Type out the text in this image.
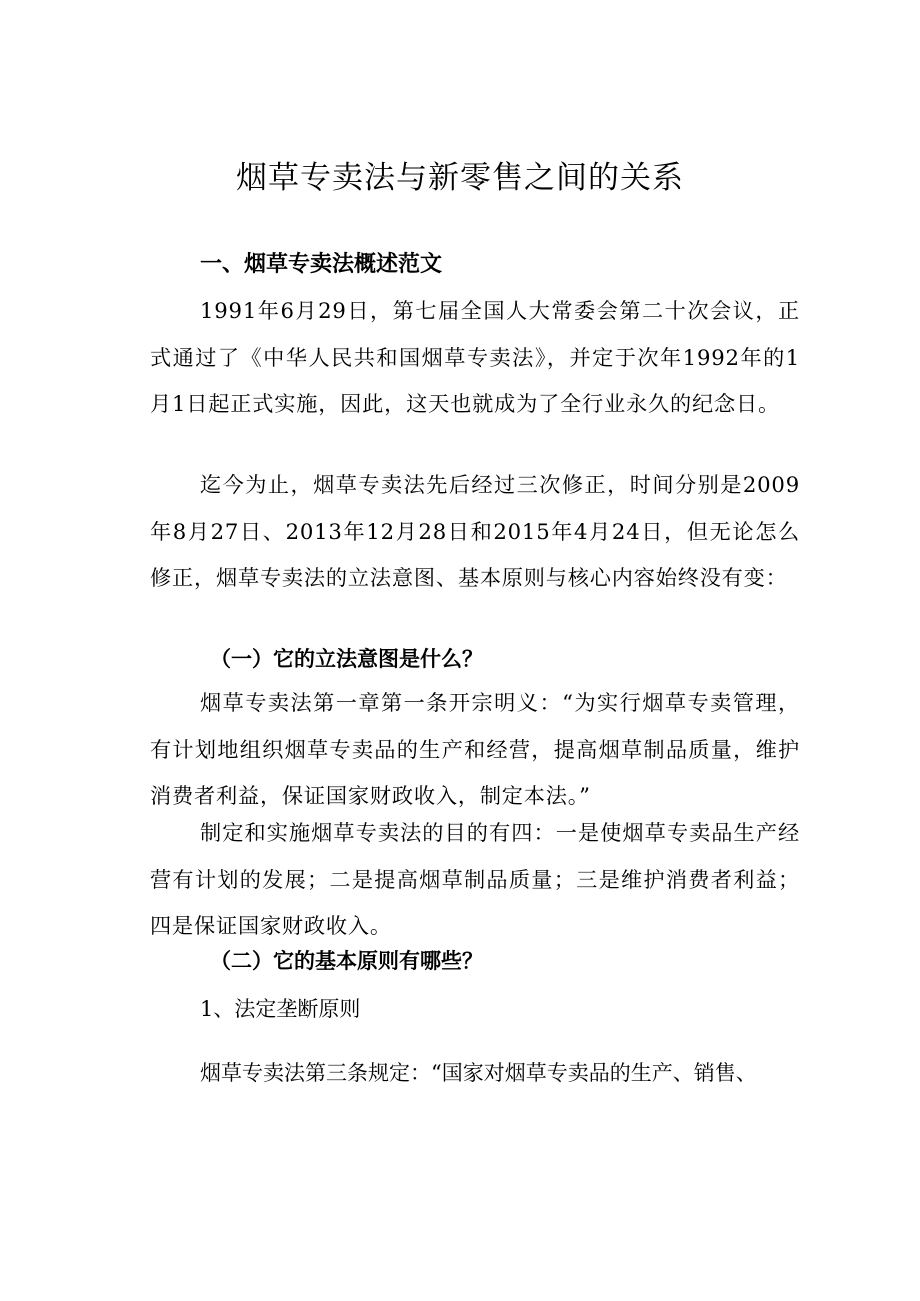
烟草专卖法与新零售之间的关系
一、烟草专卖法概述范文
1991年6月29日，第七届全国人大常委会第二十次会议，正式通过了《中华人民共和国烟草专卖法》，并定于次年1992年的1月1日起正式实施，因此，这天也就成为了全行业永久的纪念日。
迄今为止，烟草专卖法先后经过三次修正，时间分别是2009年8月27日、2013年12月28日和2015年4月24日，但无论怎么修正，烟草专卖法的立法意图、基本原则与核心内容始终没有变：
（一）它的立法意图是什么？
烟草专卖法第一章第一条开宗明义：“为实行烟草专卖管理，有计划地组织烟草专卖品的生产和经营，提高烟草制品质量，维护消费者利益，保证国家财政收入，制定本法。”
制定和实施烟草专卖法的目的有四：一是使烟草专卖品生产经营有计划的发展；二是提高烟草制品质量；三是维护消费者利益；四是保证国家财政收入。
（二）它的基本原则有哪些？
1、法定垄断原则
烟草专卖法第三条规定：“国家对烟草专卖品的生产、销售、
